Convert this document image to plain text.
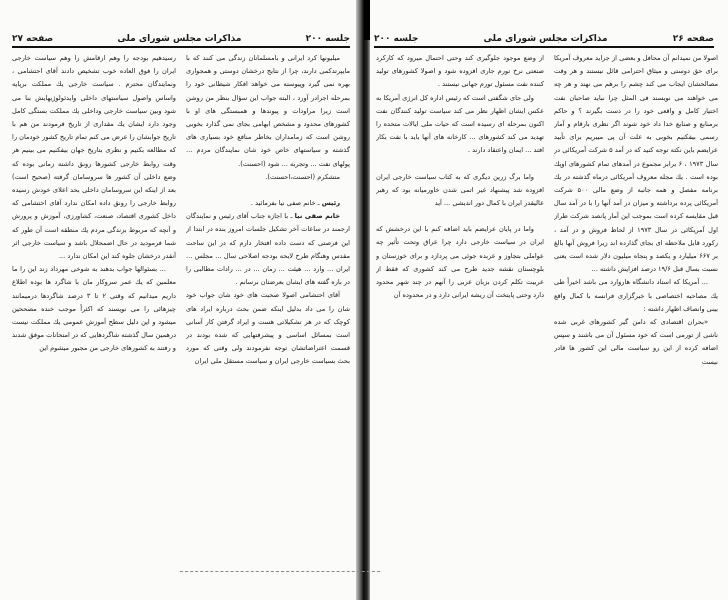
صفحه ۲۷	مذاکرات مجلس شورای ملی	جلسه ۲۰۰

میلیونها کرد ایرانی و بامسلمانان زندگی می کنند که با مایپرتدکمی دارند، چرا از نتایج درخشان دوستی و همجواری بهره نمی گیرد وپیوسته می خواهد افکار شیطانی خود را بمرحله اجرادر آورد ، البته جواب این سؤال بنظر من روشن است زیرا مراودات و پیوندها و همبستگی های او با کشورهای محدود و مشخص ابهامی بجای نمی گذارد بخوبی روشن است که زمامداران بخاطر منافع خود بسیاری های گذشته و سیاستهای خاص خود شان نمایندگان مردم ... پولهای نفت ... وتجربه ... شود (احسنت).

متشکرم (احسنت،احسنت).

رئیس ـ خانم صفی نیا بفرمائید .

خانم صفی نیا ـ با اجازه جناب آقای رئیس و نمایندگان ارجمند در ساعات آخر تشکیل جلسات امروز بنده در ابتدا از این فرصتی که دست داده افتخار دارم که در این ساحت مقدس وهنگام طرح لایحه بودجه اصلاحی سال ... مجلس ... ایران ... وارد ... هیئت ... زمان ... در ... رادات مطالبی را در باره گفته های ایشان بعرضتان برسانم .

آقای احتشامی اصولا صحبت های خود شان جواب خود شان را می داد بدلیل اینکه ضمن بحث درباره ایراد های کوچک که در هر تشکیلاتی هست و ایراد گرفتن کار آسانی است بمسائل اساسی و پیشرفتهایی که شده بودند در قسمت اعتراضاتشان توجه نفرمودند ولی وقتی که مورد بحث بسیاست خارجی ایران و سیاست مستقل ملی ایران

رسیدهیم بودجه را وهم ارقامش را وهم سیاست خارجی ایران را فوق العاده خوب تشخیص دادند آقای احتشامی ، ونمایندگان محترم . سیاست خارجی یك مملکت برپایه واساس واصول سیاستهای داخلی وایدئولوژیهایش بنا می شود وبین سیاست خارجی وداخلی یك مملکت بستگی کامل وجود دارد ایشان یك مقداری از تاریخ فرمودند من هم با تاریخ جوابشان را عرض می کنم تمام تاریخ کشور خودمان را که مطالعه بکنیم و نظری بتاریخ جهان بیفکنیم می بینیم هر وقت روابط خارجی کشورها رونق داشته زمانی بوده که وضع داخلی آن کشور ها سروسامان گرفته (صحیح است) بعد از اینکه این سروسامان داخلی بحد اعلای خودش رسیده روابط خارجی را رونق داده امکان ندارد آقای احتشامی که داخل کشوری اقتصاد، صنعت، کشاورزی، آموزش و پرورش و آنچه که مربوط بزندگی مردم یك منطقه است آن طور که شما فرمودید در حال اضمحلال باشد و سیاست خارجی اثر آنقدر درخشان جلوه کند این امکان ندارد ...

... بسئوالها جواب بدهند به شوخی مهرداد زند این را ما معلمین که یك عمر سروکار مان با شاگرد ها بوده اطلاع داریم میدانیم که وقتی ۲ تا ۳ درصد شاگردها درمیمانند چیزهائی را می نویسند که اکثراً موجب خنده مصححین میشود و این دلیل سطح آموزش عمومی یك مملکت نیست درهمین سال گذشته شاگردهایی که در امتحانات موفق شدند و رفتند به کشورهای خارجی من مجبور میشوم این

جلسه ۲۰۰	مذاکرات مجلس شورای ملی	صفحه ۲۶

اصولا من نمیدانم آن محافل و بعضی از جراید معروف آمریکا برای حق دوستی و میثاق احترامی قائل نیستند و هر وقت مصالحشان ایجاب می کند چشم را برهم می نهند و هر چه می خواهند می نویسند فی المثل چرا نباید صاحبان نفت اختیار کامل و واقعی خود را در دست بگیرند ؟ و حاکم برمنابع و صنایع خدا داد خود شوند اگر نظری بارقام و آمار رسمی بیفکنیم بخوبی به علت آن پی میبریم برای تأیید عرایضم باین نکته توجه کنید که در آمد ۵ شرکت آمریکائی در سال ۱۹۷۳ ، ۶ برابر مجموع در آمدهای تمام کشورهای اوپك بوده است . یك مجله معروف آمریکائی درماه گذشته در یك برنامه مفصل و همه جانبه از وضع مالی ۵۰۰ شرکت آمریکائی پرده برداشته و میزان در آمد آنها را با در آمد سال قبل مقایسه کرده است بموجب این آمار پانصد شرکت طراز اول آمریکائی در سال ۱۹۷۳ از لحاظ فروش و در آمد ، رکورد قابل ملاحظه ای بجای گذارده اند زیرا فروش آنها بالغ بر ۶۶۷ میلیارد و یکصد و پنجاه میلیون دلار شده است یعنی نسبت بسال قبل ۱۹/۶ درصد افزایش داشته ...

... آمریکا که استاد دانشگاه هاروارد می باشد اخیراً طی یك مصاحبه اختصاصی با خبرگزاری فرانسه با کمال واقع بینی وانصاف اظهار داشته :

«بحران اقتصادی که دامن گیر کشورهای غربی شده ناشی از تورمی است که خود مسئول آن می باشند و سپس اضافه کرده از این رو سیاست مالی این کشور ها قادر نیست

از وضع موجود جلوگیری کند وحتی احتمال میرود که کارکرد صنعتی نرخ تورم جاری افزوده شود و اصولا کشورهای تولید کننده نفت مسئول تورم جهانی نیستند .

ولی جای شگفتی است که رئیس اداره کل انرژی آمریکا به عکس ایشان اظهار نظر می کند سیاست تولید کنندگان نفت اکنون بمرحله ای رسیده است که حیات ملی ایالات متحده را تهدید می کند کشورهای ... کارخانه های آنها باید با نفت بکار افتد ... ایمان واعتقاد دارند .

واما برگ زرین دیگری که به کتاب سیاست خارجی ایران افزوده شد پیشنهاد غیر اتمی شدن خاورمیانه بود که رهبر عالیقدر ایران با کمال دور اندیشی ... آید

واما در پایان عرایضم باید اضافه کنم با این درخشش که ایران در سیاست خارجی دارد چرا عراق وتحت تأثیر چه عواملی بتجاوز و عربده جوئی می پردازد و برای خوزستان و بلوچستان نقشه جدید طرح می کند کشوری که فقط از عربیت تکلم کردن بزبان عربی را آنهم در چند شهر محدود دارد وحتی پایتخت آن ریشه ایرانی دارد و در محدوده آن
